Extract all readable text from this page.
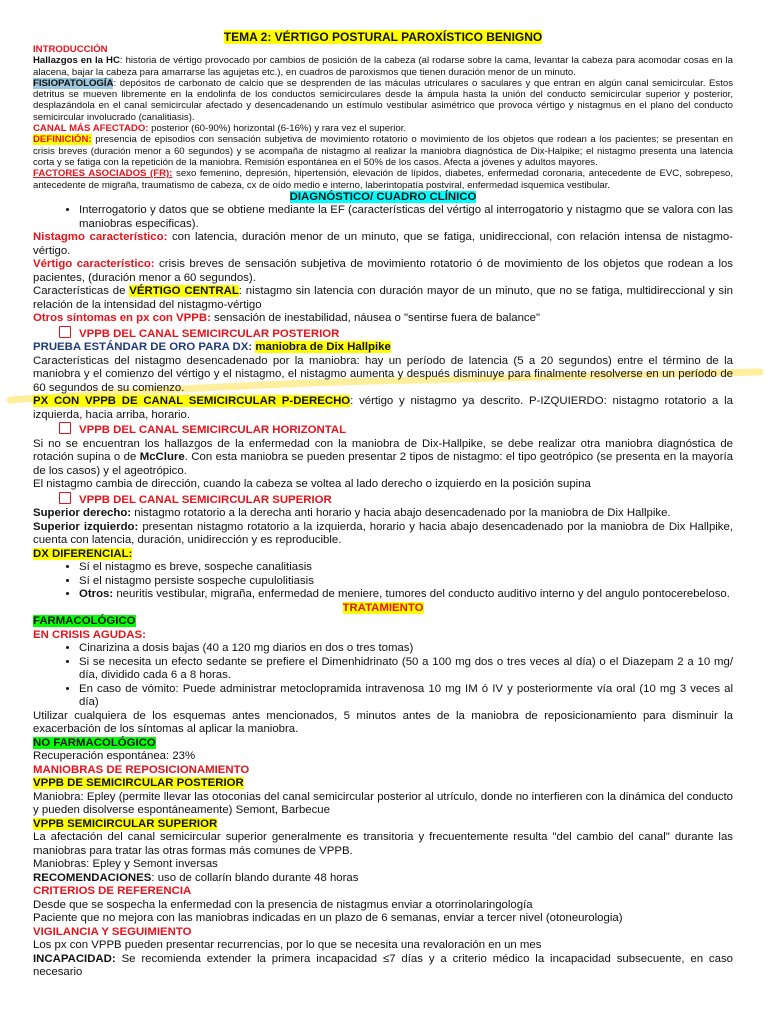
TEMA 2: VÉRTIGO POSTURAL PAROXÍSTICO BENIGNO
INTRODUCCIÓN
Hallazgos en la HC: historia de vértigo provocado por cambios de posición de la cabeza (al rodarse sobre la cama, levantar la cabeza para acomodar cosas en la alacena, bajar la cabeza para amarrarse las agujetas etc.), en cuadros de paroxismos que tienen duración menor de un minuto.
FISIOPATOLOGÍA: depósitos de carbonato de calcio que se desprenden de las máculas utriculares o saculares y que entran en algún canal semicircular. Estos detritus se mueven libremente en la endolinfa de los conductos semicirculares desde la ámpula hasta la unión del conducto semicircular superior y posterior, desplazándola en el canal semicircular afectado y desencadenando un estímulo vestibular asimétrico que provoca vértigo y nistagmus en el plano del conducto semicircular involucrado (canalitiasis).
CANAL MÁS AFECTADO: posterior (60-90%) horizontal (6-16%) y rara vez el superior.
DEFINICIÓN: presencia de episodios con sensación subjetiva de movimiento rotatorio o movimiento de los objetos que rodean a los pacientes; se presentan en crisis breves (duración menor a 60 segundos) y se acompaña de nistagmo al realizar la maniobra diagnóstica de Dix-Halpike; el nistagmo presenta una latencia corta y se fatiga con la repetición de la maniobra. Remisión espontánea en el 50% de los casos. Afecta a jóvenes y adultos mayores.
FACTORES ASOCIADOS (FR): sexo femenino, depresión, hipertensión, elevación de lípidos, diabetes, enfermedad coronaria, antecedente de EVC, sobrepeso, antecedente de migraña, traumatismo de cabeza, cx de oído medio e interno, laberintopatía postviral, enfermedad isquemica vestibular.
DIAGNÓSTICO/ CUADRO CLÍNICO
• Interrogatorio y datos que se obtiene mediante la EF (características del vértigo al interrogatorio y nistagmo que se valora con las maniobras especificas).
Nistagmo característico: con latencia, duración menor de un minuto, que se fatiga, unidireccional, con relación intensa de nistagmo-vértigo.
Vértigo característico: crisis breves de sensación subjetiva de movimiento rotatorio ó de movimiento de los objetos que rodean a los pacientes, (duración menor a 60 segundos).
Características de VÉRTIGO CENTRAL: nistagmo sin latencia con duración mayor de un minuto, que no se fatiga, multidireccional y sin relación de la intensidad del nistagmo-vértigo
Otros síntomas en px con VPPB: sensación de inestabilidad, náusea o "sentirse fuera de balance"
VPPB DEL CANAL SEMICIRCULAR POSTERIOR
PRUEBA ESTÁNDAR DE ORO PARA DX: maniobra de Dix Hallpike
Características del nistagmo desencadenado por la maniobra: hay un período de latencia (5 a 20 segundos) entre el término de la maniobra y el comienzo del vértigo y el nistagmo, el nistagmo aumenta y después disminuye para finalmente resolverse en un período de 60 segundos de su comienzo.
PX CON VPPB DE CANAL SEMICIRCULAR P-DERECHO: vértigo y nistagmo ya descrito. P-IZQUIERDO: nistagmo rotatorio a la izquierda, hacia arriba, horario.
VPPB DEL CANAL SEMICIRCULAR HORIZONTAL
Si no se encuentran los hallazgos de la enfermedad con la maniobra de Dix-Hallpike, se debe realizar otra maniobra diagnóstica de rotación supina o de McClure. Con esta maniobra se pueden presentar 2 tipos de nistagmo: el tipo geotrópico (se presenta en la mayoría de los casos) y el ageotrópico.
El nistagmo cambia de dirección, cuando la cabeza se voltea al lado derecho o izquierdo en la posición supina
VPPB DEL CANAL SEMICIRCULAR SUPERIOR
Superior derecho: nistagmo rotatorio a la derecha anti horario y hacia abajo desencadenado por la maniobra de Dix Hallpike.
Superior izquierdo: presentan nistagmo rotatorio a la izquierda, horario y hacia abajo desencadenado por la maniobra de Dix Hallpike, cuenta con latencia, duración, unidirección y es reproducible.
DX DIFERENCIAL:
• Sí el nistagmo es breve, sospeche canalitiasis
• Sí el nistagmo persiste sospeche cupulolitiasis
• Otros: neuritis vestibular, migraña, enfermedad de meniere, tumores del conducto auditivo interno y del angulo pontocerebeloso.
TRATAMIENTO
FARMACOLÓGICO
EN CRISIS AGUDAS:
• Cinarizina a dosis bajas (40 a 120 mg diarios en dos o tres tomas)
• Si se necesita un efecto sedante se prefiere el Dimenhidrinato (50 a 100 mg dos o tres veces al día) o el Diazepam 2 a 10 mg/ día, dividido cada 6 a 8 horas.
• En caso de vómito: Puede administrar metoclopramida intravenosa 10 mg IM ó IV y posteriormente vía oral (10 mg 3 veces al día)
Utilizar cualquiera de los esquemas antes mencionados, 5 minutos antes de la maniobra de reposicionamiento para disminuir la exacerbación de los síntomas al aplicar la maniobra.
NO FARMACOLÓGICO
Recuperación espontánea: 23%
MANIOBRAS DE REPOSICIONAMIENTO
VPPB DE SEMICIRCULAR POSTERIOR
Maniobra: Epley (permite llevar las otoconias del canal semicircular posterior al utrículo, donde no interfieren con la dinámica del conducto y pueden disolverse espontáneamente) Semont, Barbecue
VPPB SEMICIRCULAR SUPERIOR
La afectación del canal semicircular superior generalmente es transitoria y frecuentemente resulta "del cambio del canal" durante las maniobras para tratar las otras formas más comunes de VPPB.
Maniobras: Epley y Semont inversas
RECOMENDACIONES: uso de collarín blando durante 48 horas
CRITERIOS DE REFERENCIA
Desde que se sospecha la enfermedad con la presencia de nistagmus enviar a otorrinolaringología
Paciente que no mejora con las maniobras indicadas en un plazo de 6 semanas, enviar a tercer nivel (otoneurologia)
VIGILANCIA Y SEGUIMIENTO
Los px con VPPB pueden presentar recurrencias, por lo que se necesita una revaloración en un mes
INCAPACIDAD: Se recomienda extender la primera incapacidad ≤7 días y a criterio médico la incapacidad subsecuente, en caso necesario
